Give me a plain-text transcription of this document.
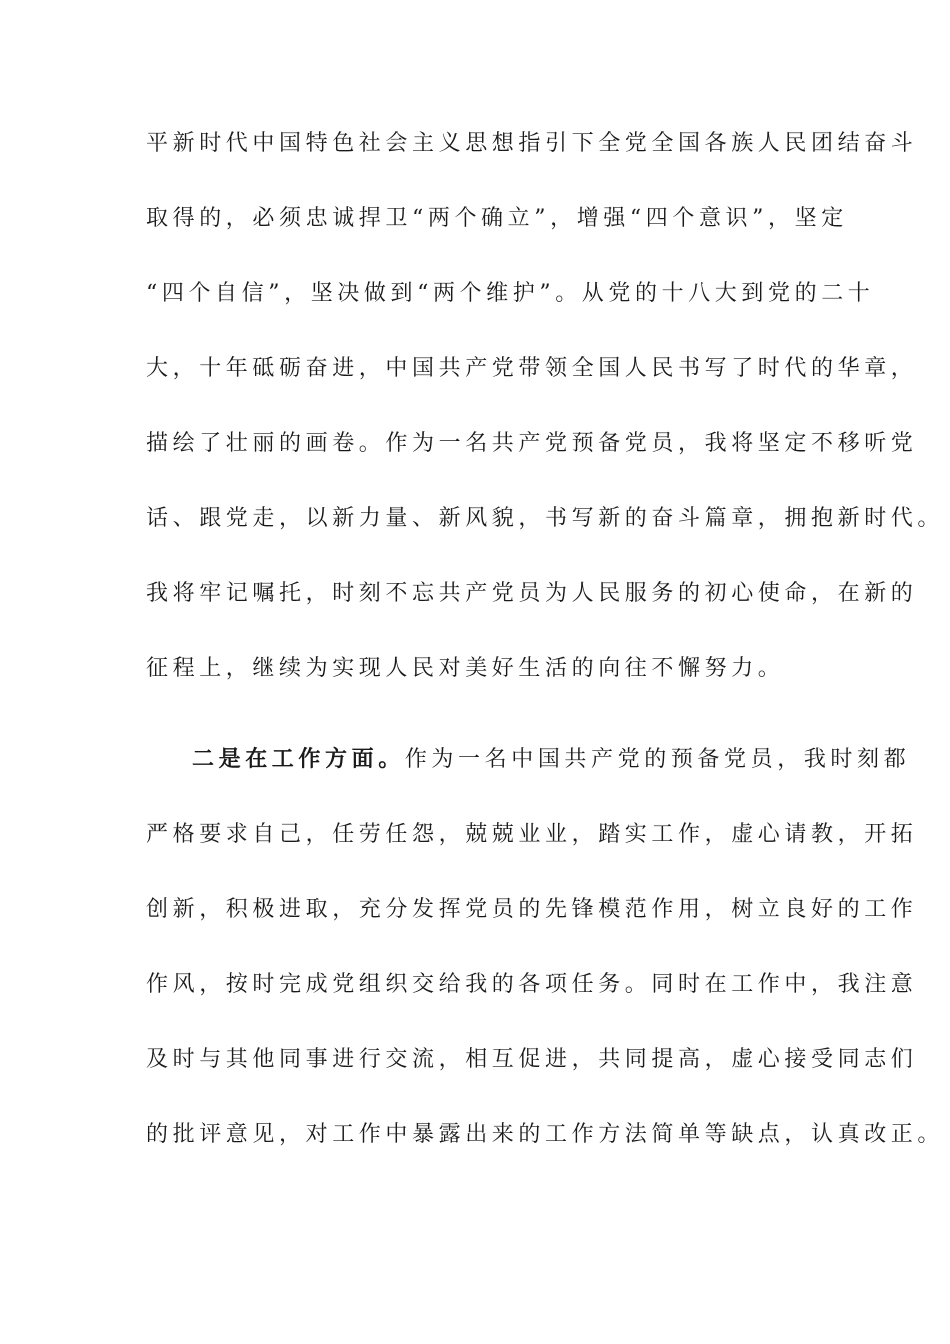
平新时代中国特色社会主义思想指引下全党全国各族人民团结奋斗
取得的，必须忠诚捍卫“两个确立”，增强“四个意识”，坚定
“四个自信”，坚决做到“两个维护”。从党的十八大到党的二十
大，十年砥砺奋进，中国共产党带领全国人民书写了时代的华章，
描绘了壮丽的画卷。作为一名共产党预备党员，我将坚定不移听党
话、跟党走，以新力量、新风貌，书写新的奋斗篇章，拥抱新时代。
我将牢记嘱托，时刻不忘共产党员为人民服务的初心使命，在新的
征程上，继续为实现人民对美好生活的向往不懈努力。
二是在工作方面。作为一名中国共产党的预备党员，我时刻都
严格要求自己，任劳任怨，兢兢业业，踏实工作，虚心请教，开拓
创新，积极进取，充分发挥党员的先锋模范作用，树立良好的工作
作风，按时完成党组织交给我的各项任务。同时在工作中，我注意
及时与其他同事进行交流，相互促进，共同提高，虚心接受同志们
的批评意见，对工作中暴露出来的工作方法简单等缺点，认真改正。
